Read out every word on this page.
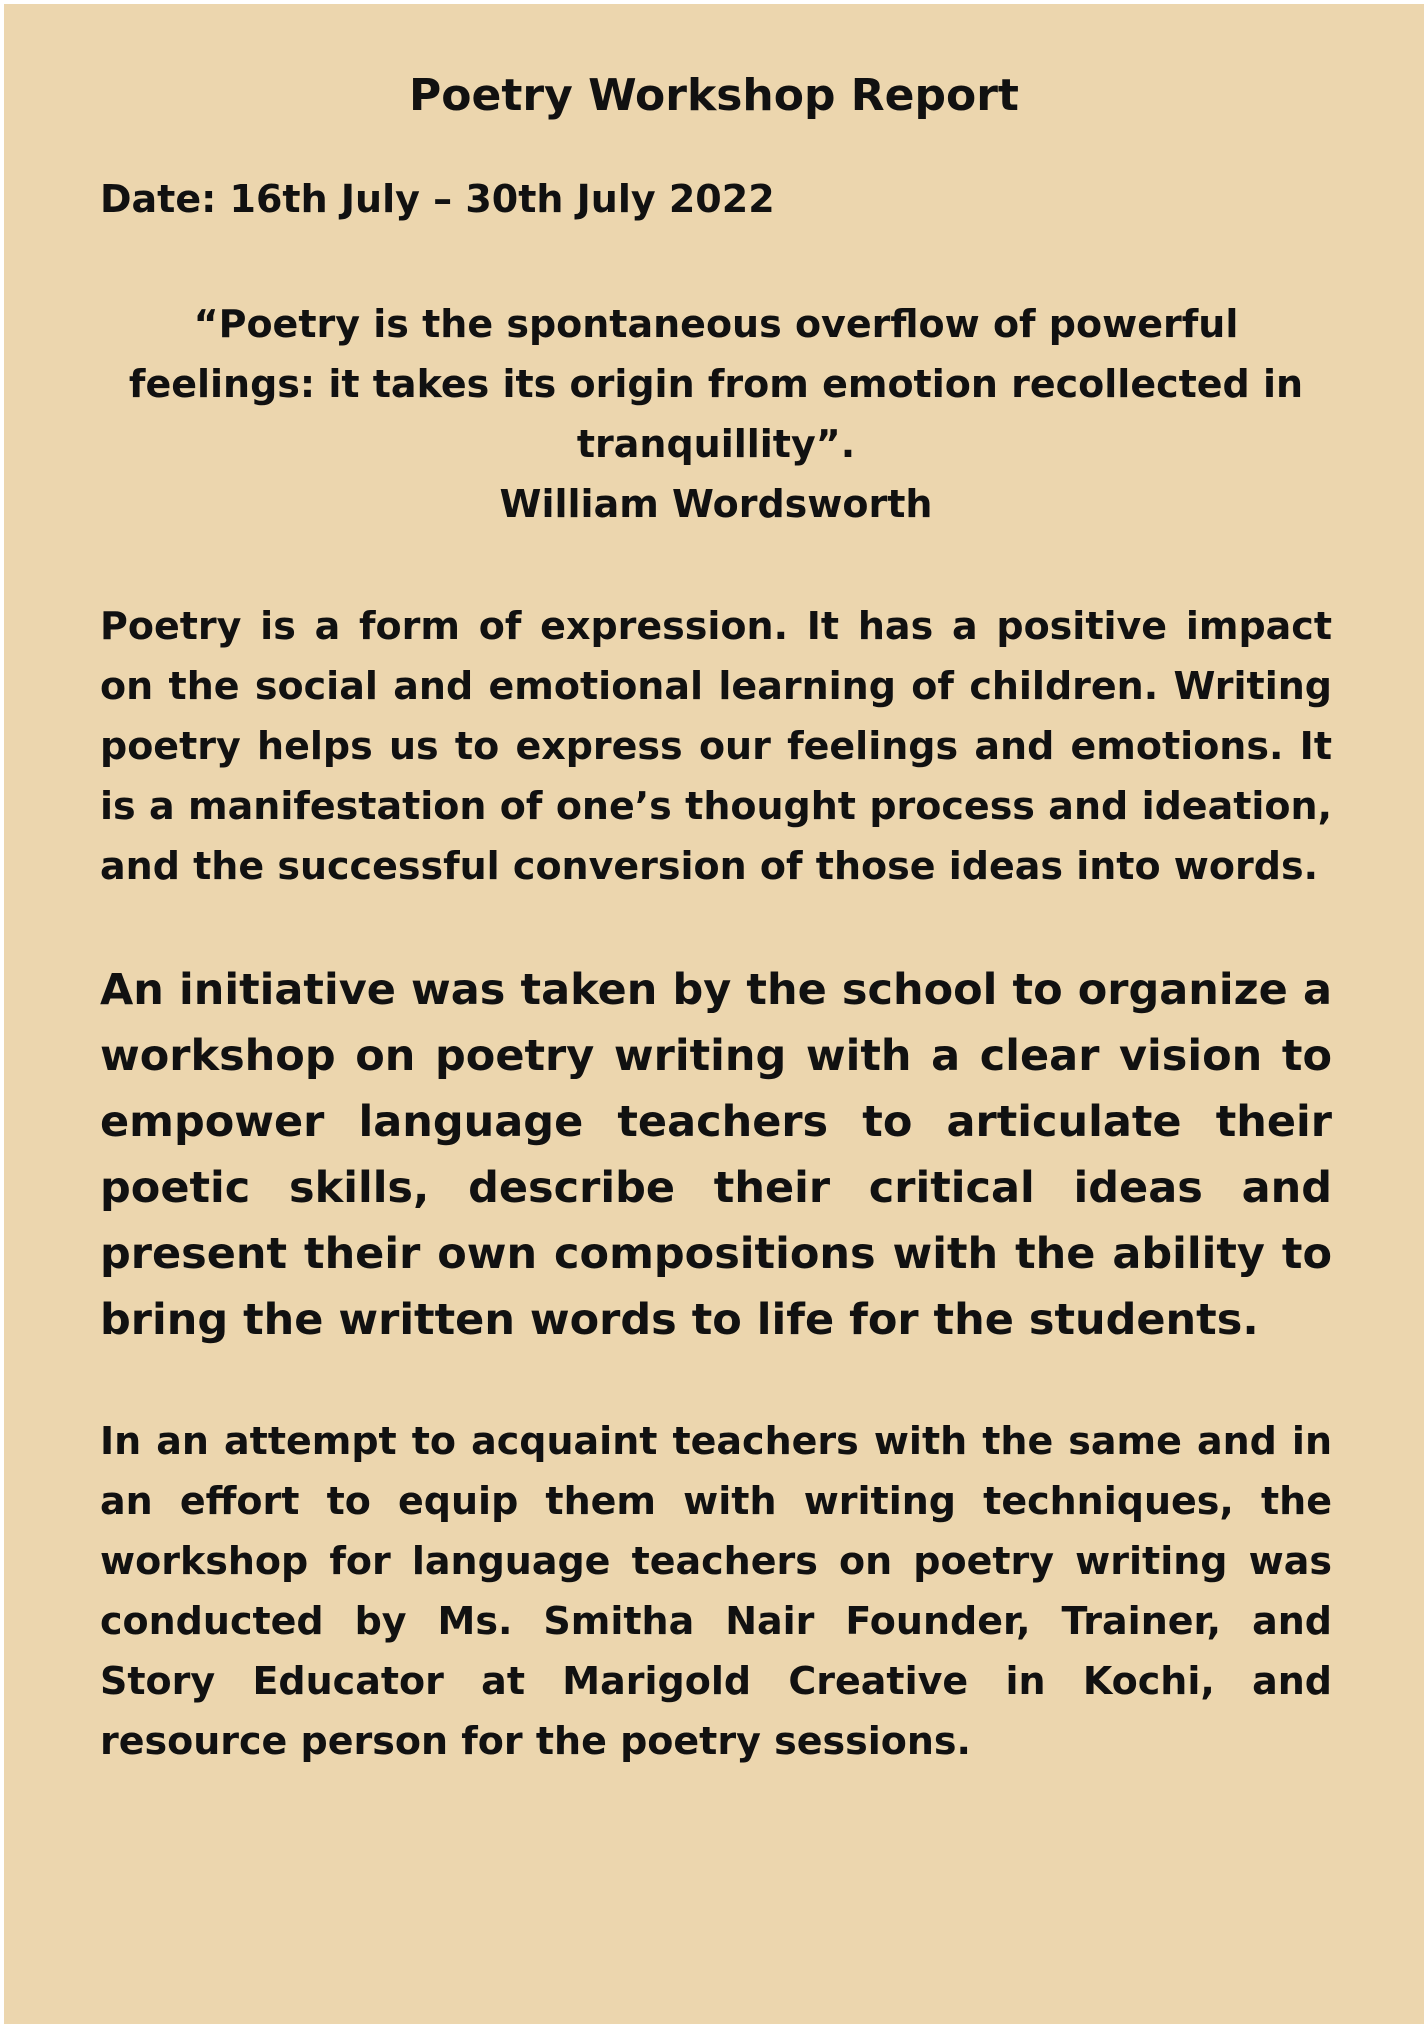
Poetry Workshop Report

Date: 16th July – 30th July 2022

“Poetry is the spontaneous overflow of powerful feelings: it takes its origin from emotion recollected in tranquillity”.
William Wordsworth

Poetry is a form of expression. It has a positive impact on the social and emotional learning of children. Writing poetry helps us to express our feelings and emotions. It is a manifestation of one’s thought process and ideation, and the successful conversion of those ideas into words.

An initiative was taken by the school to organize a workshop on poetry writing with a clear vision to empower language teachers to articulate their poetic skills, describe their critical ideas and present their own compositions with the ability to bring the written words to life for the students.

In an attempt to acquaint teachers with the same and in an effort to equip them with writing techniques, the workshop for language teachers on poetry writing was conducted by Ms. Smitha Nair Founder, Trainer, and Story Educator at Marigold Creative in Kochi, and resource person for the poetry sessions.
